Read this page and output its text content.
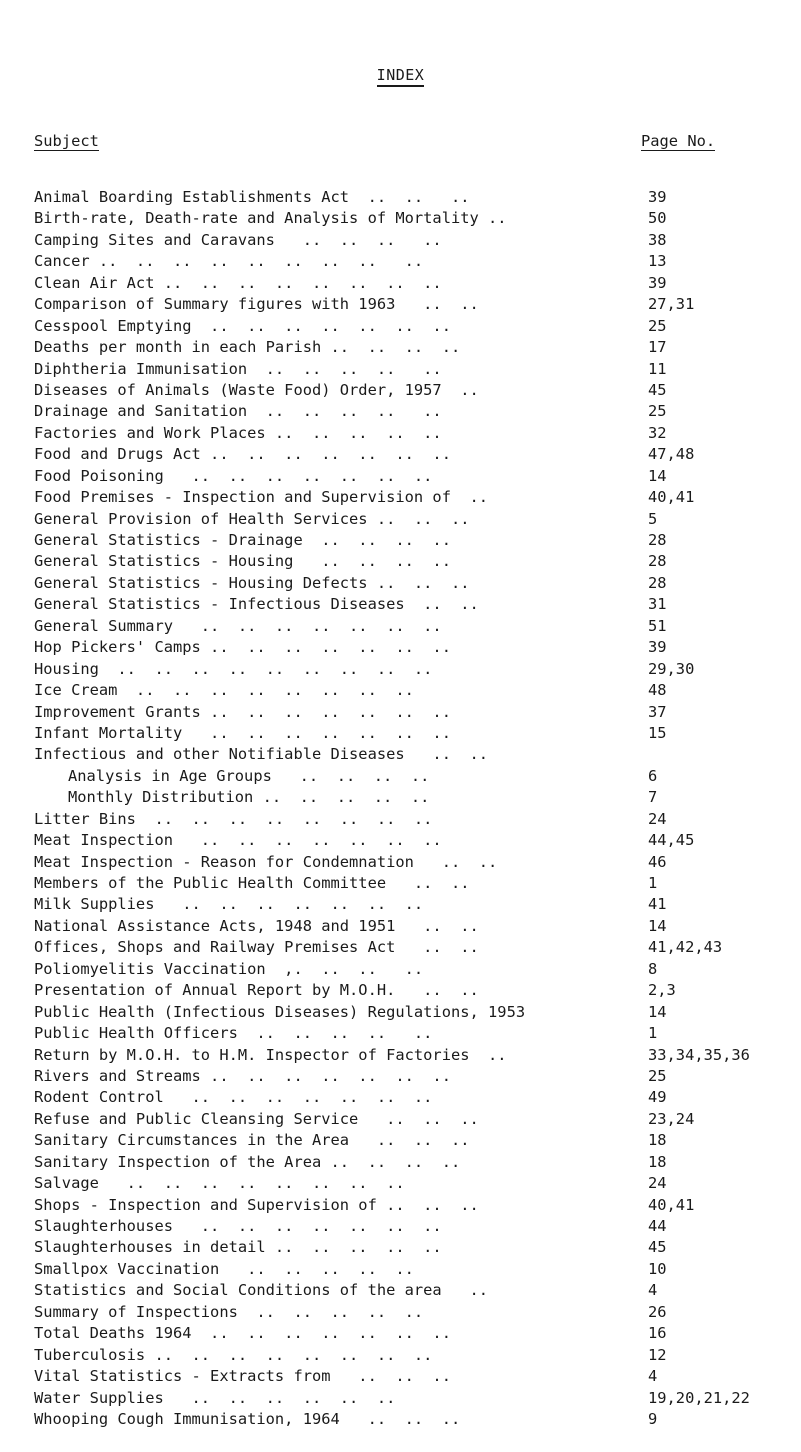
INDEX
Subject	Page No.
Animal Boarding Establishments Act  ..  ..   ..	39
Birth-rate, Death-rate and Analysis of Mortality ..	50
Camping Sites and Caravans   ..  ..  ..   ..	38
Cancer ..  ..  ..  ..  ..  ..  ..  ..   ..	13
Clean Air Act ..  ..  ..  ..  ..  ..  ..  ..	39
Comparison of Summary figures with 1963   ..  ..	27,31
Cesspool Emptying  ..  ..  ..  ..  ..  ..  ..	25
Deaths per month in each Parish ..  ..  ..  ..	17
Diphtheria Immunisation  ..  ..  ..  ..   ..	11
Diseases of Animals (Waste Food) Order, 1957  ..	45
Drainage and Sanitation  ..  ..  ..  ..   ..	25
Factories and Work Places ..  ..  ..  ..  ..	32
Food and Drugs Act ..  ..  ..  ..  ..  ..  ..	47,48
Food Poisoning   ..  ..  ..  ..  ..  ..  ..	14
Food Premises - Inspection and Supervision of  ..	40,41
General Provision of Health Services ..  ..  ..	5
General Statistics - Drainage  ..  ..  ..  ..	28
General Statistics - Housing   ..  ..  ..  ..	28
General Statistics - Housing Defects ..  ..  ..	28
General Statistics - Infectious Diseases  ..  ..	31
General Summary   ..  ..  ..  ..  ..  ..  ..	51
Hop Pickers' Camps ..  ..  ..  ..  ..  ..  ..	39
Housing  ..  ..  ..  ..  ..  ..  ..  ..  ..	29,30
Ice Cream  ..  ..  ..  ..  ..  ..  ..  ..	48
Improvement Grants ..  ..  ..  ..  ..  ..  ..	37
Infant Mortality   ..  ..  ..  ..  ..  ..  ..	15
Infectious and other Notifiable Diseases   ..  ..
Analysis in Age Groups   ..  ..  ..  ..	6
Monthly Distribution ..  ..  ..  ..  ..	7
Litter Bins  ..  ..  ..  ..  ..  ..  ..  ..	24
Meat Inspection   ..  ..  ..  ..  ..  ..  ..	44,45
Meat Inspection - Reason for Condemnation   ..  ..	46
Members of the Public Health Committee   ..  ..	1
Milk Supplies   ..  ..  ..  ..  ..  ..  ..	41
National Assistance Acts, 1948 and 1951   ..  ..	14
Offices, Shops and Railway Premises Act   ..  ..	41,42,43
Poliomyelitis Vaccination  ,.  ..  ..   ..	8
Presentation of Annual Report by M.O.H.   ..  ..	2,3
Public Health (Infectious Diseases) Regulations, 1953	14
Public Health Officers  ..  ..  ..  ..   ..	1
Return by M.O.H. to H.M. Inspector of Factories  ..	33,34,35,36
Rivers and Streams ..  ..  ..  ..  ..  ..  ..	25
Rodent Control   ..  ..  ..  ..  ..  ..  ..	49
Refuse and Public Cleansing Service   ..  ..  ..	23,24
Sanitary Circumstances in the Area   ..  ..  ..	18
Sanitary Inspection of the Area ..  ..  ..  ..	18
Salvage   ..  ..  ..  ..  ..  ..  ..  ..	24
Shops - Inspection and Supervision of ..  ..  ..	40,41
Slaughterhouses   ..  ..  ..  ..  ..  ..  ..	44
Slaughterhouses in detail ..  ..  ..  ..  ..	45
Smallpox Vaccination   ..  ..  ..  ..  ..	10
Statistics and Social Conditions of the area   ..	4
Summary of Inspections  ..  ..  ..  ..  ..	26
Total Deaths 1964  ..  ..  ..  ..  ..  ..  ..	16
Tuberculosis ..  ..  ..  ..  ..  ..  ..  ..	12
Vital Statistics - Extracts from   ..  ..  ..	4
Water Supplies   ..  ..  ..  ..  ..  ..	19,20,21,22
Whooping Cough Immunisation, 1964   ..  ..  ..	9
